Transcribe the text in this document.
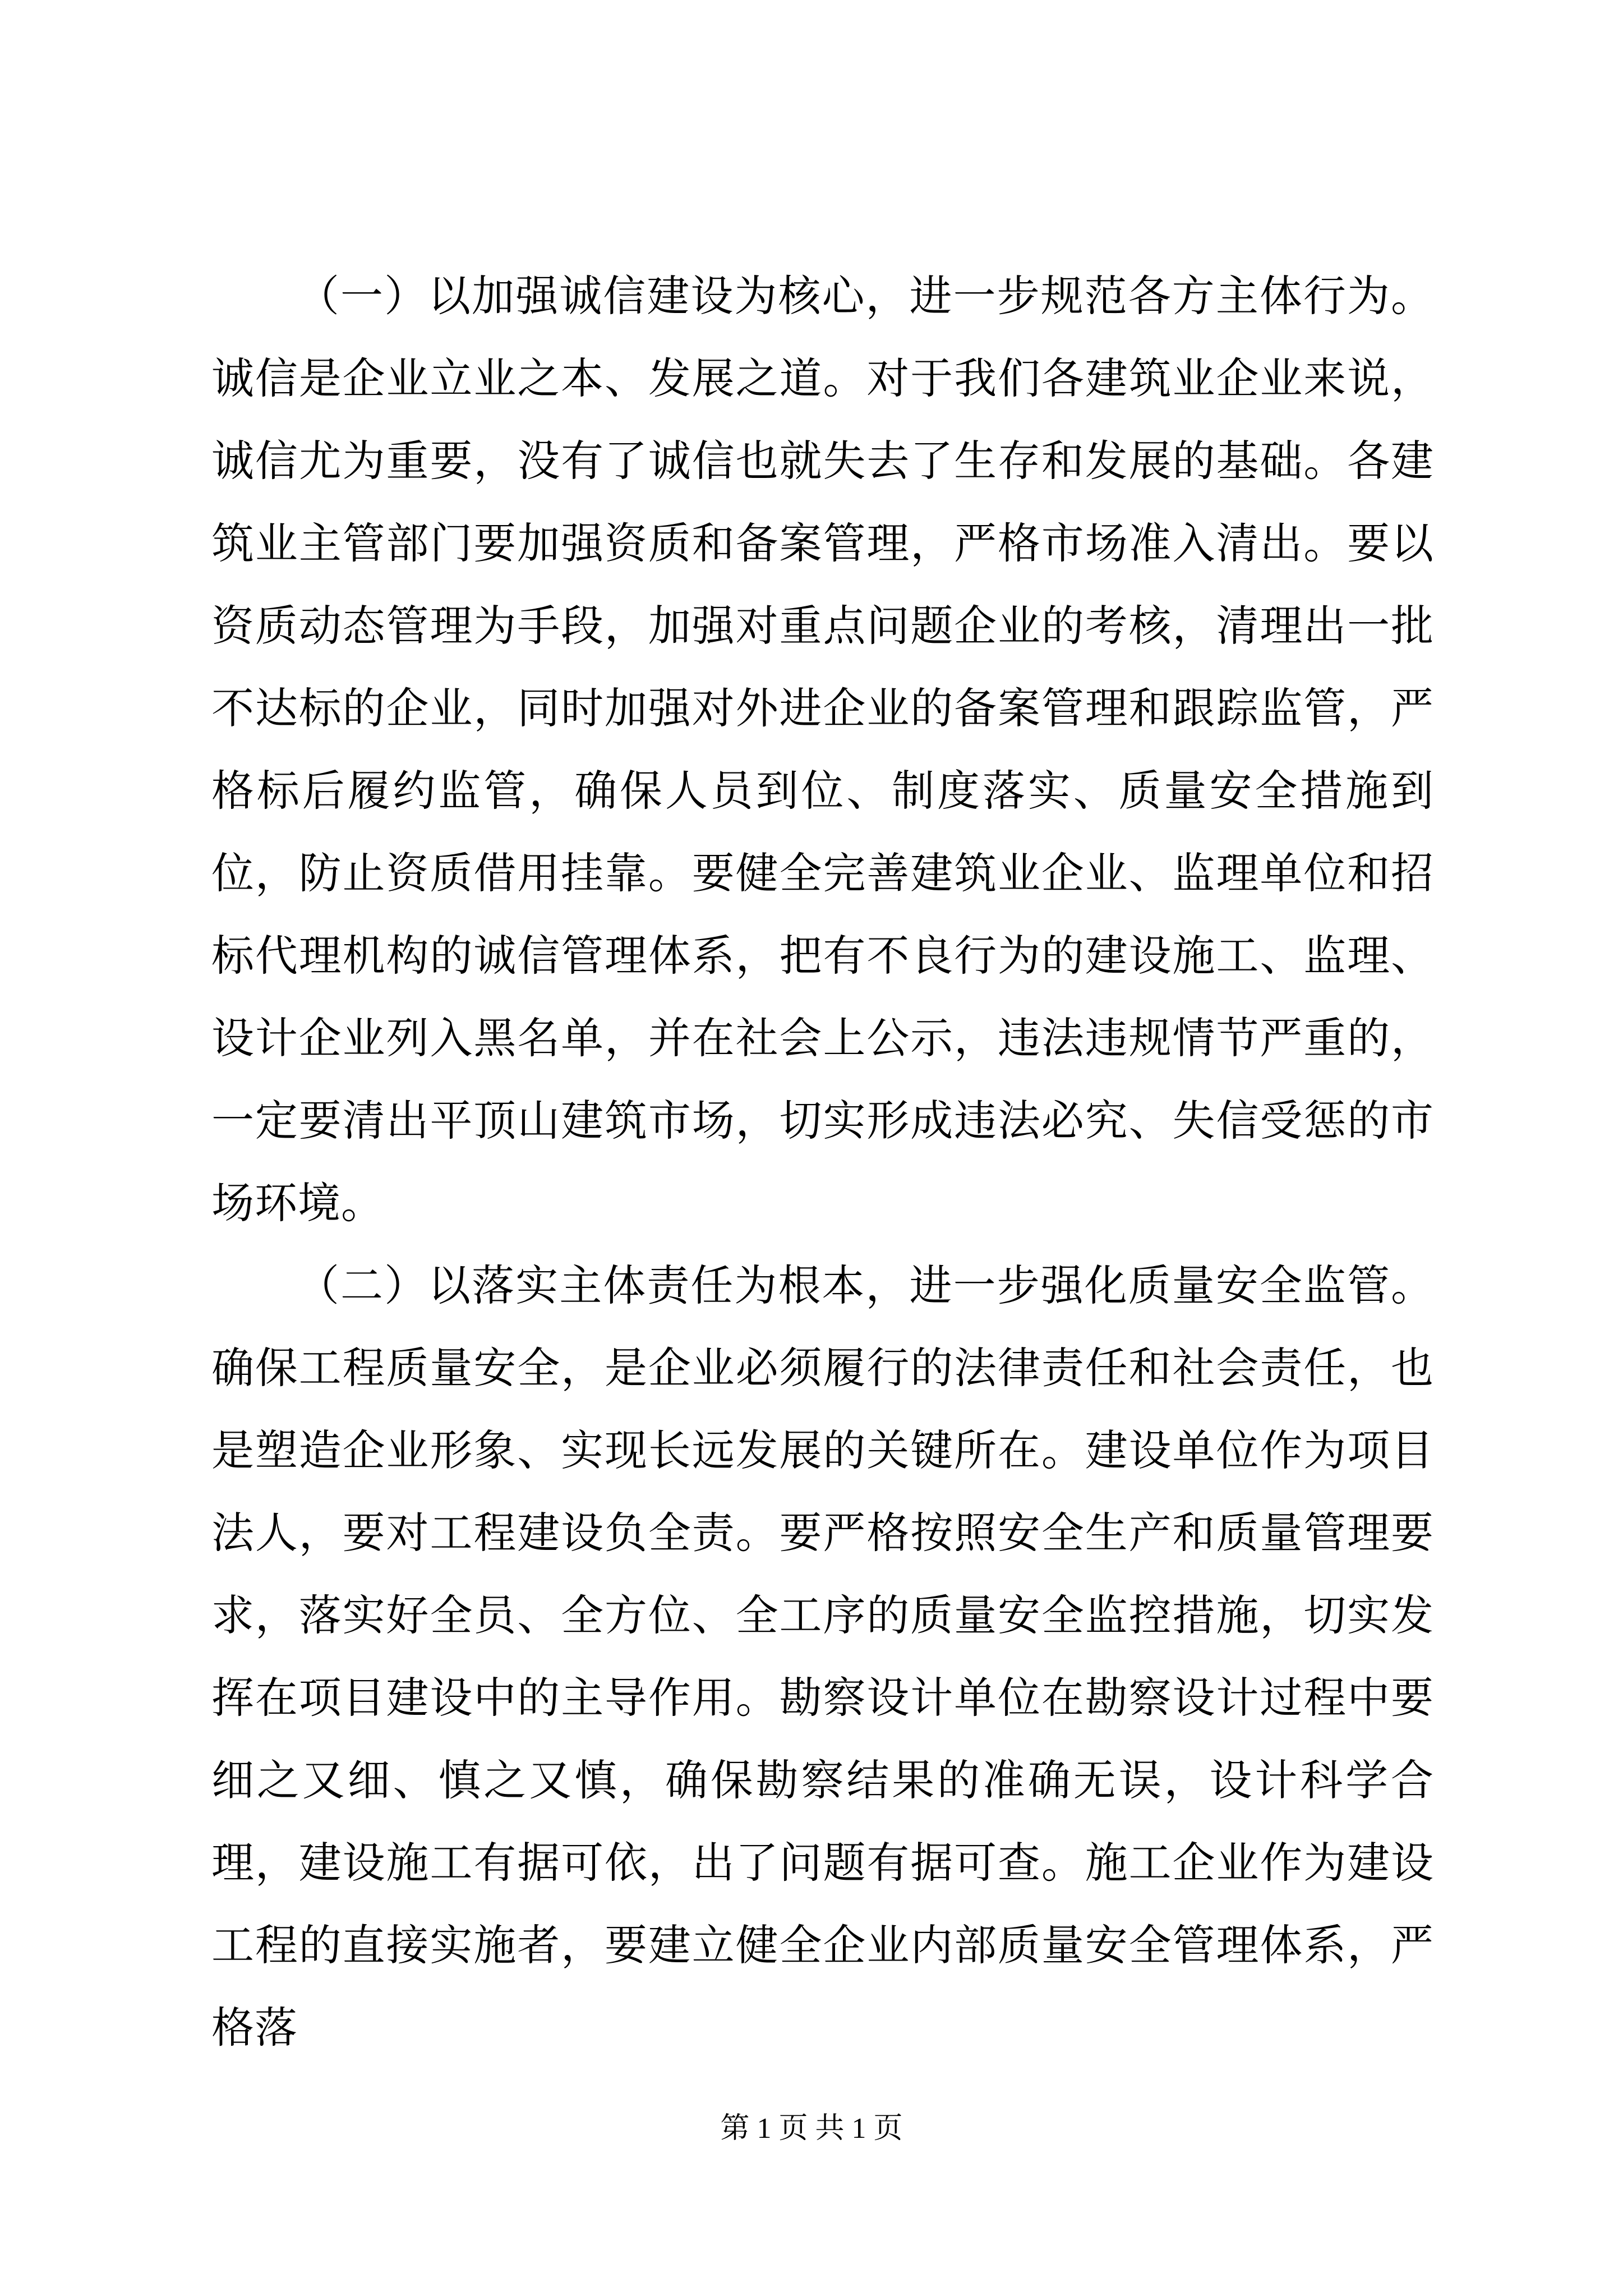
（一）以加强诚信建设为核心，进一步规范各方主体行为。诚信是企业立业之本、发展之道。对于我们各建筑业企业来说，诚信尤为重要，没有了诚信也就失去了生存和发展的基础。各建筑业主管部门要加强资质和备案管理，严格市场准入清出。要以资质动态管理为手段，加强对重点问题企业的考核，清理出一批不达标的企业，同时加强对外进企业的备案管理和跟踪监管，严格标后履约监管，确保人员到位、制度落实、质量安全措施到位，防止资质借用挂靠。要健全完善建筑业企业、监理单位和招标代理机构的诚信管理体系，把有不良行为的建设施工、监理、设计企业列入黑名单，并在社会上公示，违法违规情节严重的，一定要清出平顶山建筑市场，切实形成违法必究、失信受惩的市场环境。

（二）以落实主体责任为根本，进一步强化质量安全监管。确保工程质量安全，是企业必须履行的法律责任和社会责任，也是塑造企业形象、实现长远发展的关键所在。建设单位作为项目法人，要对工程建设负全责。要严格按照安全生产和质量管理要求，落实好全员、全方位、全工序的质量安全监控措施，切实发挥在项目建设中的主导作用。勘察设计单位在勘察设计过程中要细之又细、慎之又慎，确保勘察结果的准确无误，设计科学合理，建设施工有据可依，出了问题有据可查。施工企业作为建设工程的直接实施者，要建立健全企业内部质量安全管理体系，严格落

第 1 页 共 1 页
